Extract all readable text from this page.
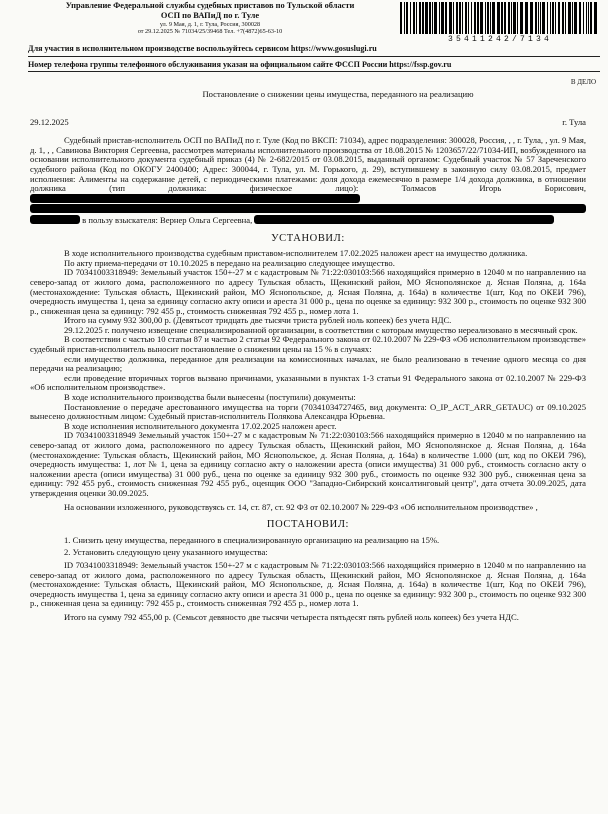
Управление Федеральной службы судебных приставов по Тульской области
ОСП по ВАПиД по г. Туле
ул. 9 Мая, д. 1, г. Тула, Россия, 300028
от 29.12.2025 № 71034/25/39468 Тел. +7(4872)65-63-10
35411242/7134
Для участия в исполнительном производстве воспользуйтесь сервисом https://www.gosuslugi.ru
Номер телефона группы телефонного обслуживания указан на официальном сайте ФССП России https://fssp.gov.ru
В ДЕЛО
Постановление о снижении цены имущества, переданного на реализацию
29.12.2025	г. Тула

Судебный пристав-исполнитель ОСП по ВАПиД по г. Туле (Код по ВКСП: 71034), адрес подразделения: 300028, Россия, , , г. Тула, , ул. 9 Мая, д. 1, , , Савинова Виктория Сергеевна, рассмотрев материалы исполнительного производства от 18.08.2015 № 1203657/22/71034-ИП, возбужденного на основании исполнительного документа судебный приказ (4) № 2-682/2015 от 03.08.2015, выданный органом: Судебный участок № 57 Зареченского судебного района (Код по ОКОГУ 2400400; Адрес: 300044, г. Тула, ул. М. Горького, д. 29), вступившему в законную силу 03.08.2015, предмет исполнения: Алименты на содержание детей, с периодическими платежами: доля дохода ежемесячно в размере 1/4 дохода должника, в отношении должника (тип должника: физическое лицо): Толмасов Игорь Борисович,

в пользу взыскателя: Вернер Ольга Сергеевна,

УСТАНОВИЛ:

В ходе исполнительного производства судебным приставом-исполнителем 17.02.2025 наложен арест на имущество должника.

По акту приема-передачи от 10.10.2025 в передано на реализацию следующее имущество.

ID 70341003318949: Земельный участок 150+-27 м с кадастровым № 71:22:030103:566 находящийся примерно в 12040 м по направлению на северо-запад от жилого дома, расположенного по адресу Тульская область, Щекинский район, МО Яснополянское д. Ясная Поляна, д. 164а (местонахождение: Тульская область, Щекинский район, МО Яснопольское, д. Ясная Поляна, д. 164а) в количестве 1(шт, Код по ОКЕИ 796), очередность имущества 1, цена за единицу согласно акту описи и ареста 31 000 р., цена по оценке за единицу: 932 300 р., стоимость по оценке 932 300 р., сниженная цена за единицу: 792 455 р., стоимость сниженная 792 455 р., номер лота 1.

Итого на сумму 932 300,00 р. (Девятьсот тридцать две тысячи триста рублей ноль копеек) без учета НДС.

29.12.2025 г. получено извещение специализированной организации, в соответствии с которым имущество нереализовано в месячный срок.

В соответствии с частью 10 статьи 87 и частью 2 статьи 92 Федерального закона от 02.10.2007 № 229-ФЗ «Об исполнительном производстве» судебный пристав-исполнитель выносит постановление о снижении цены на 15 % в случаях:

если имущество должника, переданное для реализации на комиссионных началах, не было реализовано в течение одного месяца со дня передачи на реализацию;

если проведение вторичных торгов вызвано причинами, указанными в пунктах 1-3 статьи 91 Федерального закона от 02.10.2007 № 229-ФЗ «Об исполнительном производстве».

В ходе исполнительного производства были вынесены (поступили) документы:

Постановление о передаче арестованного имущества на торги (70341034727465, вид документа: O_IP_ACT_ARR_GETAUC) от 09.10.2025 вынесено должностным лицом: Судебный пристав-исполнитель Полякова Александра Юрьевна.

В ходе исполнения исполнительного документа 17.02.2025 наложен арест.

ID 70341003318949 Земельный участок 150+-27 м с кадастровым № 71:22:030103:566 находящийся примерно в 12040 м по направлению на северо-запад от жилого дома, расположенного по адресу Тульская область, Щекинский район, МО Яснополянское д. Ясная Поляна, д. 164а (местонахождение: Тульская область, Щекинский район, МО Яснопольское, д. Ясная Поляна, д. 164а) в количестве 1.000 (шт, код по ОКЕИ 796), очередность имущества: 1, лот № 1, цена за единицу согласно акту о наложении ареста (описи имущества) 31 000 руб., стоимость согласно акту о наложении ареста (описи имущества) 31 000 руб., цена по оценке за единицу 932 300 руб., стоимость по оценке 932 300 руб., сниженная цена за единицу: 792 455 руб., стоимость сниженная 792 455 руб., оценщик ООО "Западно-Сибирский консалтинговый центр", дата отчета 30.09.2025, дата утверждения оценки 30.09.2025.

На основании изложенного, руководствуясь ст. 14, ст. 87, ст. 92 ФЗ от 02.10.2007 № 229-ФЗ «Об исполнительном производстве» ,

ПОСТАНОВИЛ:

1. Снизить цену имущества, переданного в специализированную организацию на реализацию на 15%.

2. Установить следующую цену указанного имущества:

ID 70341003318949: Земельный участок 150+-27 м с кадастровым № 71:22:030103:566 находящийся примерно в 12040 м по направлению на северо-запад от жилого дома, расположенного по адресу Тульская область, Щекинский район, МО Яснополянское д. Ясная Поляна, д. 164а (местонахождение: Тульская область, Щекинский район, МО Яснопольское, д. Ясная Поляна, д. 164а) в количестве 1(шт, Код по ОКЕИ 796), очередность имущества 1, цена за единицу согласно акту описи и ареста 31 000 р., цена по оценке за единицу: 932 300 р., стоимость по оценке 932 300 р., сниженная цена за единицу: 792 455 р., стоимость сниженная 792 455 р., номер лота 1.

Итого на сумму 792 455,00 р. (Семьсот девяносто две тысячи четыреста пятьдесят пять рублей ноль копеек) без учета НДС.
